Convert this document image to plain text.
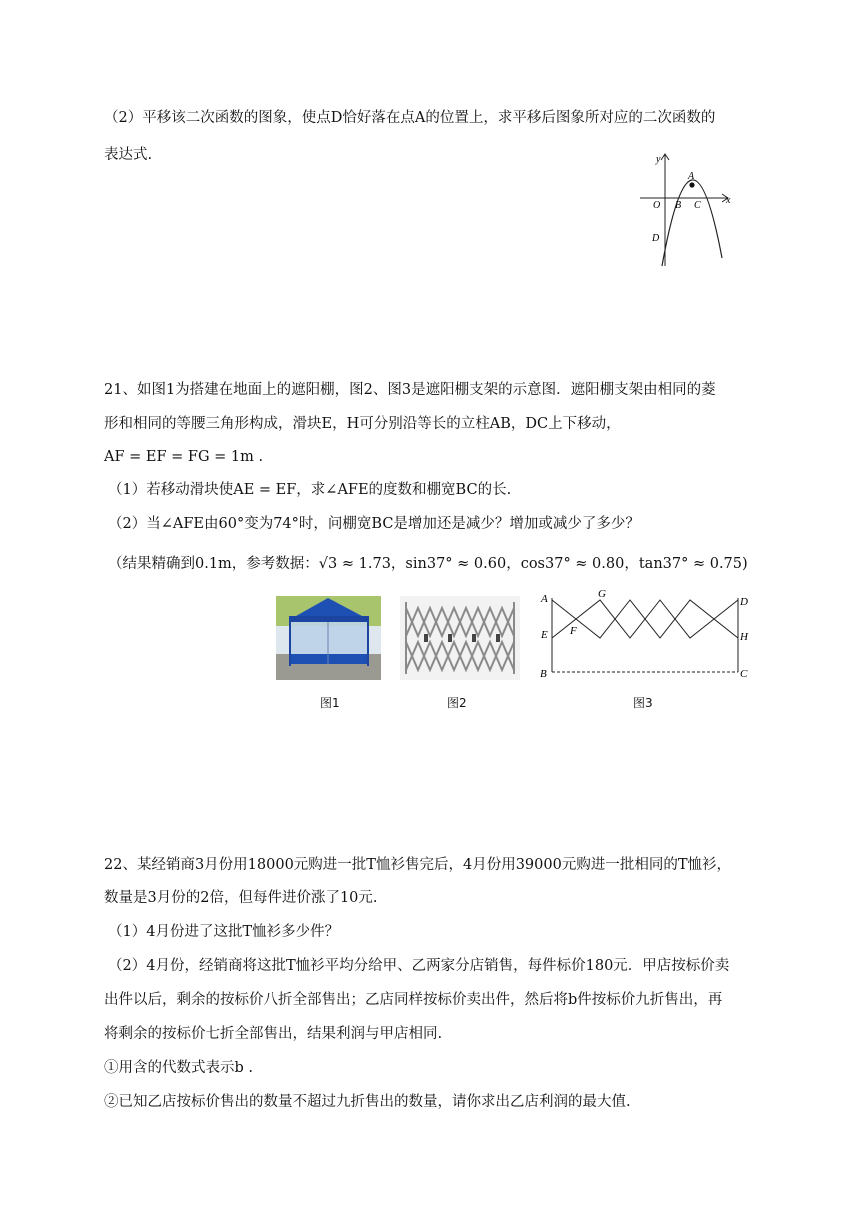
（2）平移该二次函数的图象，使点D恰好落在点A的位置上，求平移后图象所对应的二次函数的
表达式.	y
x
A
O B C
D
21、如图1为搭建在地面上的遮阳棚，图2、图3是遮阳棚支架的示意图．遮阳棚支架由相同的菱
形和相同的等腰三角形构成，滑块E，H可分别沿等长的立柱AB，DC上下移动，
AF = EF = FG = 1m .
（1）若移动滑块使AE = EF，求∠AFE的度数和棚宽BC的长.
（2）当∠AFE由60°变为74°时，问棚宽BC是增加还是减少？增加或减少了多少？
（结果精确到0.1m，参考数据：√3 ≈ 1.73，sin37° ≈ 0.60，cos37° ≈ 0.80，tan37° ≈ 0.75)
A	G
D
E F	H
B	C
图1	图2	图3
22、某经销商3月份用18000元购进一批T恤衫售完后，4月份用39000元购进一批相同的T恤衫，
数量是3月份的2倍，但每件进价涨了10元.
（1）4月份进了这批T恤衫多少件？
（2）4月份，经销商将这批T恤衫平均分给甲、乙两家分店销售，每件标价180元．甲店按标价卖
出件以后，剩余的按标价八折全部售出；乙店同样按标价卖出件，然后将b件按标价九折售出，再
将剩余的按标价七折全部售出，结果利润与甲店相同.
①用含的代数式表示b .
②已知乙店按标价售出的数量不超过九折售出的数量，请你求出乙店利润的最大值.
